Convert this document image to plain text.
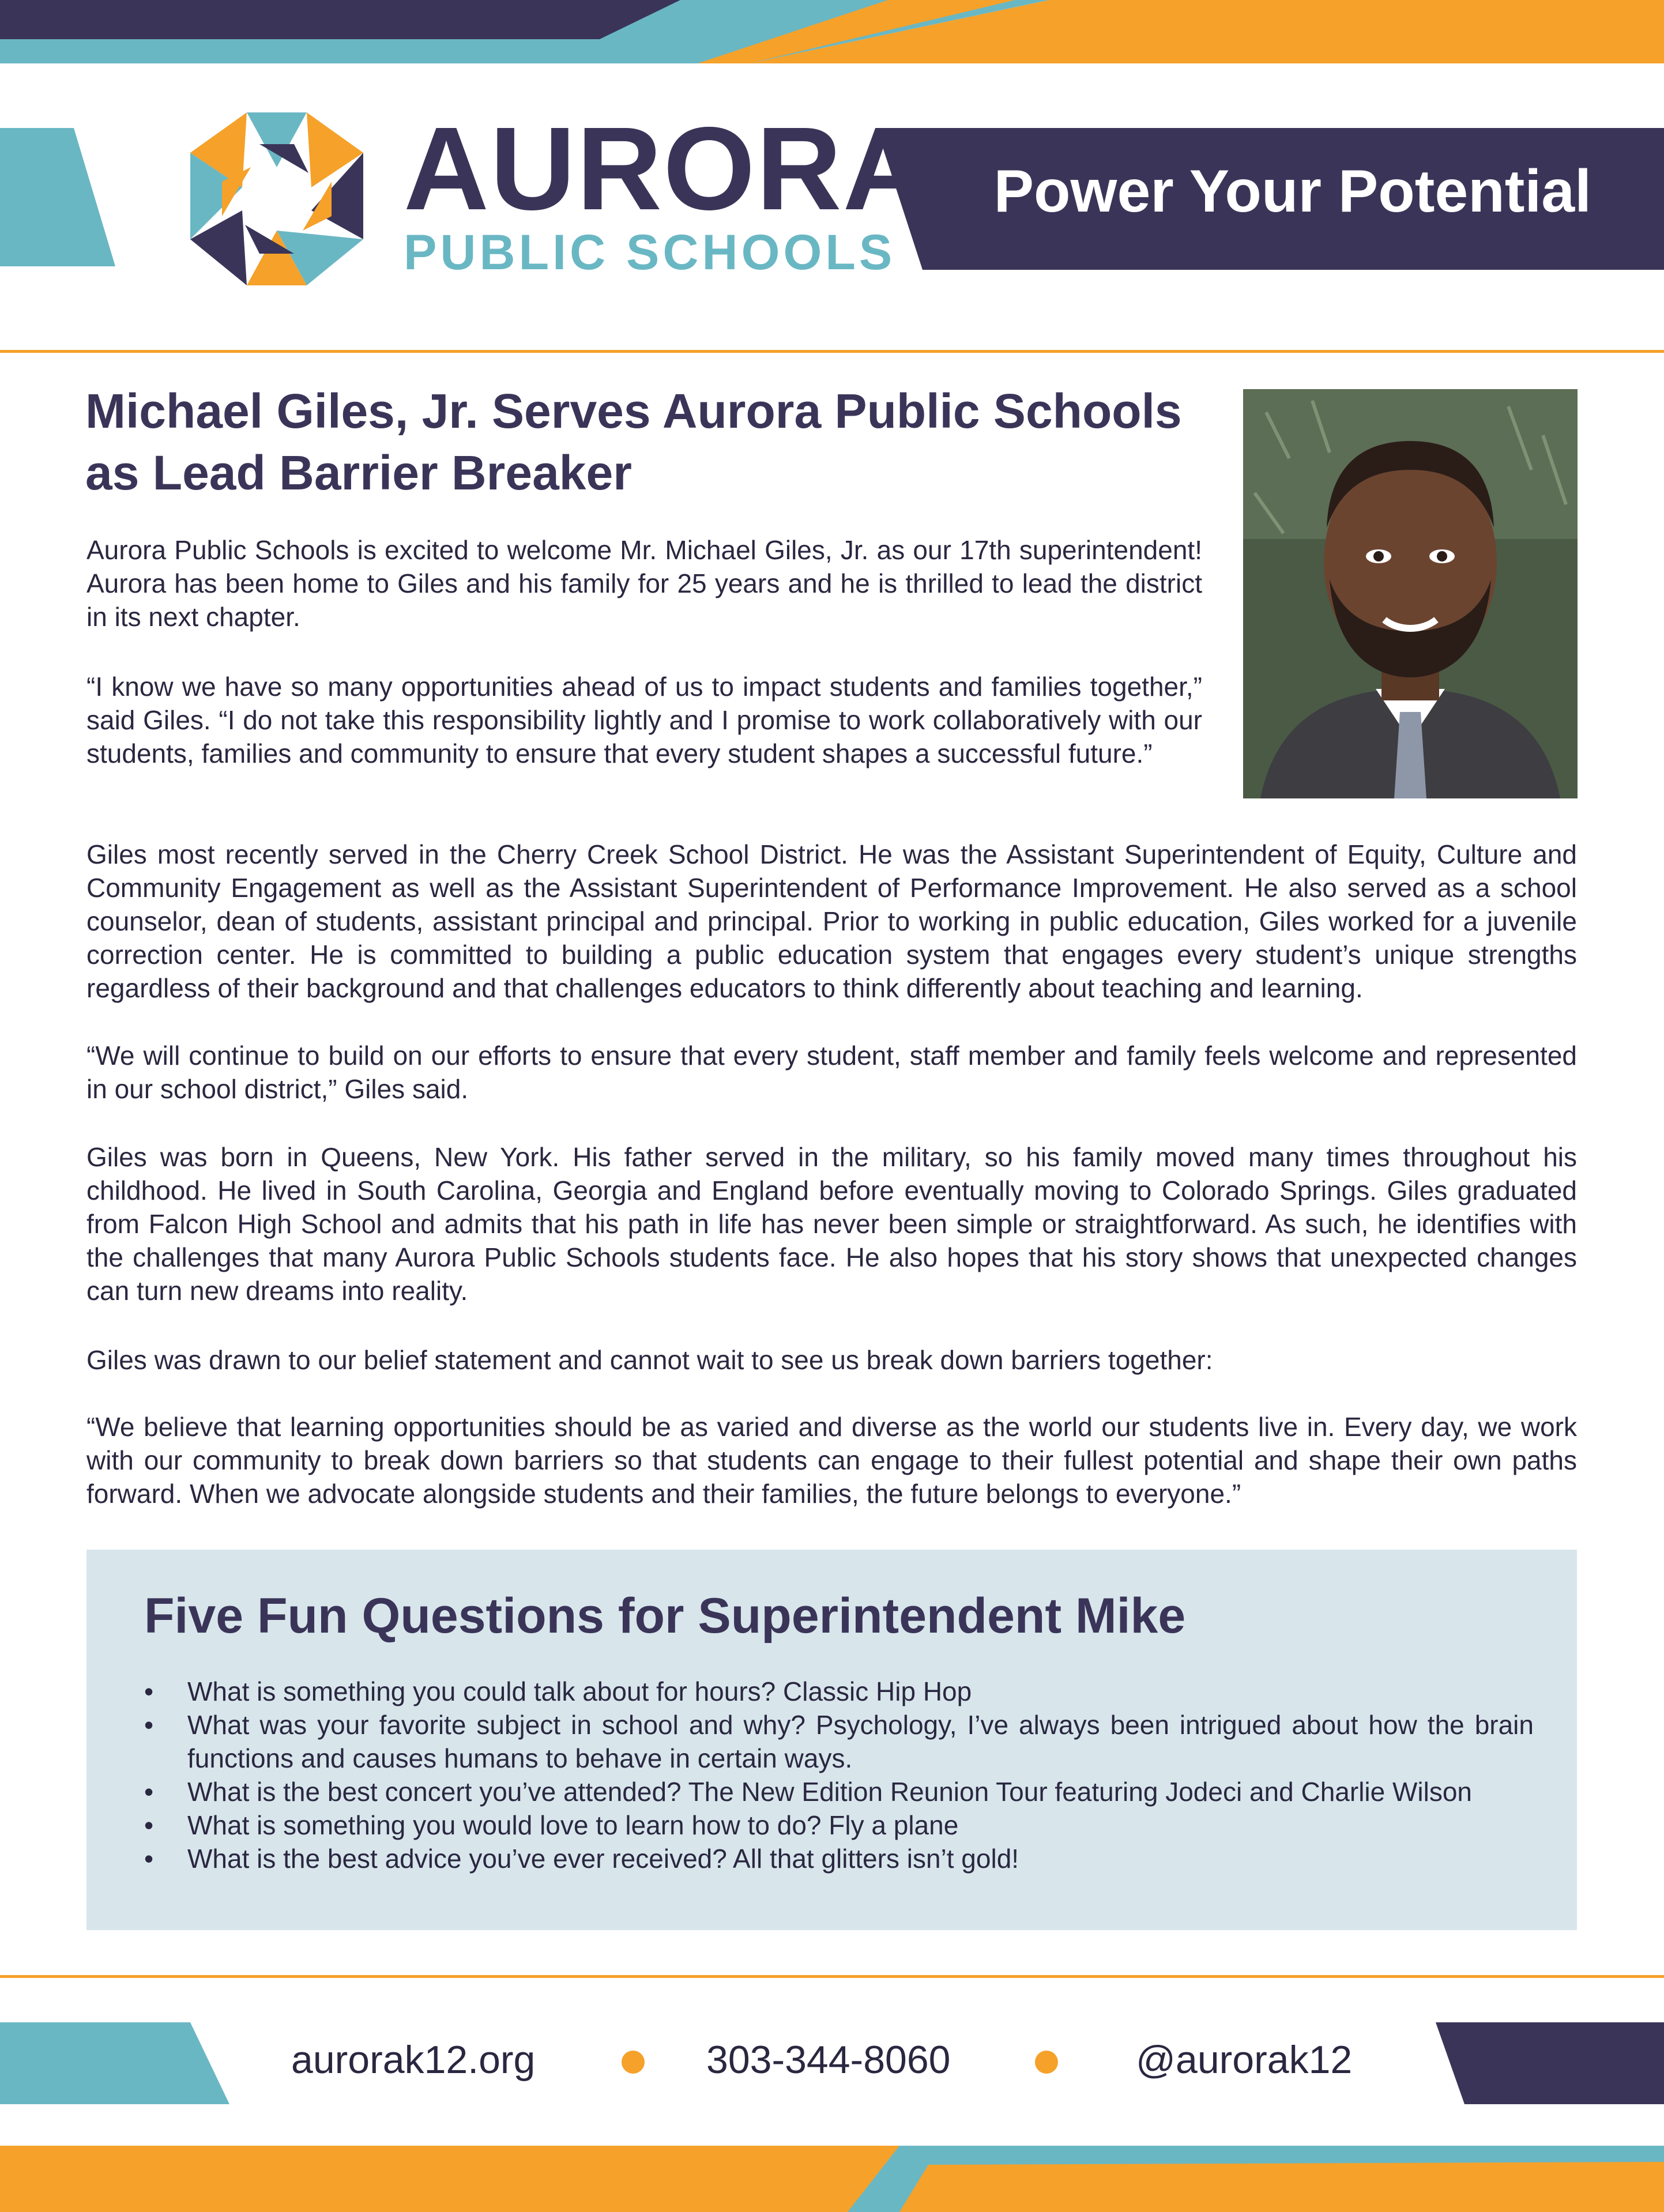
AURORA
PUBLIC SCHOOLS
Power Your Potential
Michael Giles, Jr. Serves Aurora Public Schools as Lead Barrier Breaker

Aurora Public Schools is excited to welcome Mr. Michael Giles, Jr. as our 17th superintendent! Aurora has been home to Giles and his family for 25 years and he is thrilled to lead the district in its next chapter.

“I know we have so many opportunities ahead of us to impact students and families together,” said Giles. “I do not take this responsibility lightly and I promise to work collaboratively with our students, families and community to ensure that every student shapes a successful future.”

Giles most recently served in the Cherry Creek School District. He was the Assistant Superintendent of Equity, Culture and Community Engagement as well as the Assistant Superintendent of Performance Improvement. He also served as a school counselor, dean of students, assistant principal and principal. Prior to working in public education, Giles worked for a juvenile correction center. He is committed to building a public education system that engages every student’s unique strengths regardless of their background and that challenges educators to think differently about teaching and learning.

“We will continue to build on our efforts to ensure that every student, staff member and family feels welcome and represented in our school district,” Giles said.

Giles was born in Queens, New York. His father served in the military, so his family moved many times throughout his childhood. He lived in South Carolina, Georgia and England before eventually moving to Colorado Springs. Giles graduated from Falcon High School and admits that his path in life has never been simple or straightforward. As such, he identifies with the challenges that many Aurora Public Schools students face. He also hopes that his story shows that unexpected changes can turn new dreams into reality.

Giles was drawn to our belief statement and cannot wait to see us break down barriers together:

“We believe that learning opportunities should be as varied and diverse as the world our students live in. Every day, we work with our community to break down barriers so that students can engage to their fullest potential and shape their own paths forward. When we advocate alongside students and their families, the future belongs to everyone.”

Five Fun Questions for Superintendent Mike
•	What is something you could talk about for hours? Classic Hip Hop
•	What was your favorite subject in school and why? Psychology, I’ve always been intrigued about how the brain functions and causes humans to behave in certain ways.
•	What is the best concert you’ve attended? The New Edition Reunion Tour featuring Jodeci and Charlie Wilson
•	What is something you would love to learn how to do? Fly a plane
•	What is the best advice you’ve ever received? All that glitters isn’t gold!
aurorak12.org	303-344-8060	@aurorak12
